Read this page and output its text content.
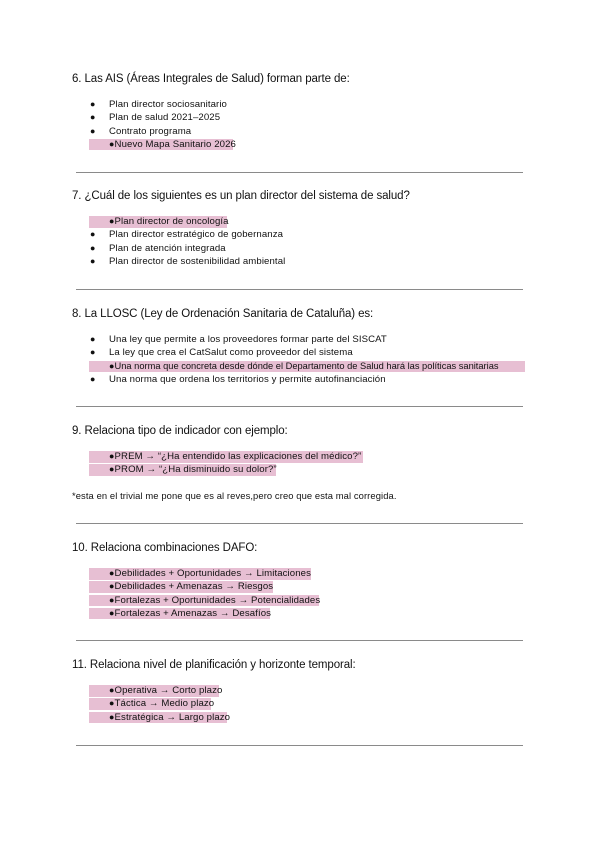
6. Las AIS (Áreas Integrales de Salud) forman parte de:

●	Plan director sociosanitario
●	Plan de salud 2021–2025
●	Contrato programa
●Nuevo Mapa Sanitario 2026

7. ¿Cuál de los siguientes es un plan director del sistema de salud?

●Plan director de oncología
●	Plan director estratégico de gobernanza
●	Plan de atención integrada
●	Plan director de sostenibilidad ambiental

8. La LLOSC (Ley de Ordenación Sanitaria de Cataluña) es:

●	Una ley que permite a los proveedores formar parte del SISCAT
●	La ley que crea el CatSalut como proveedor del sistema
●Una norma que concreta desde dónde el Departamento de Salud hará las políticas sanitarias
●	Una norma que ordena los territorios y permite autofinanciación

9. Relaciona tipo de indicador con ejemplo:

●PREM → “¿Ha entendido las explicaciones del médico?”
●PROM → “¿Ha disminuido su dolor?”
*esta en el trivial me pone que es al reves,pero creo que esta mal corregida.

10. Relaciona combinaciones DAFO:

●Debilidades + Oportunidades → Limitaciones
●Debilidades + Amenazas → Riesgos
●Fortalezas + Oportunidades → Potencialidades
●Fortalezas + Amenazas → Desafíos

11. Relaciona nivel de planificación y horizonte temporal:

●Operativa → Corto plazo
●Táctica → Medio plazo
●Estratégica → Largo plazo
